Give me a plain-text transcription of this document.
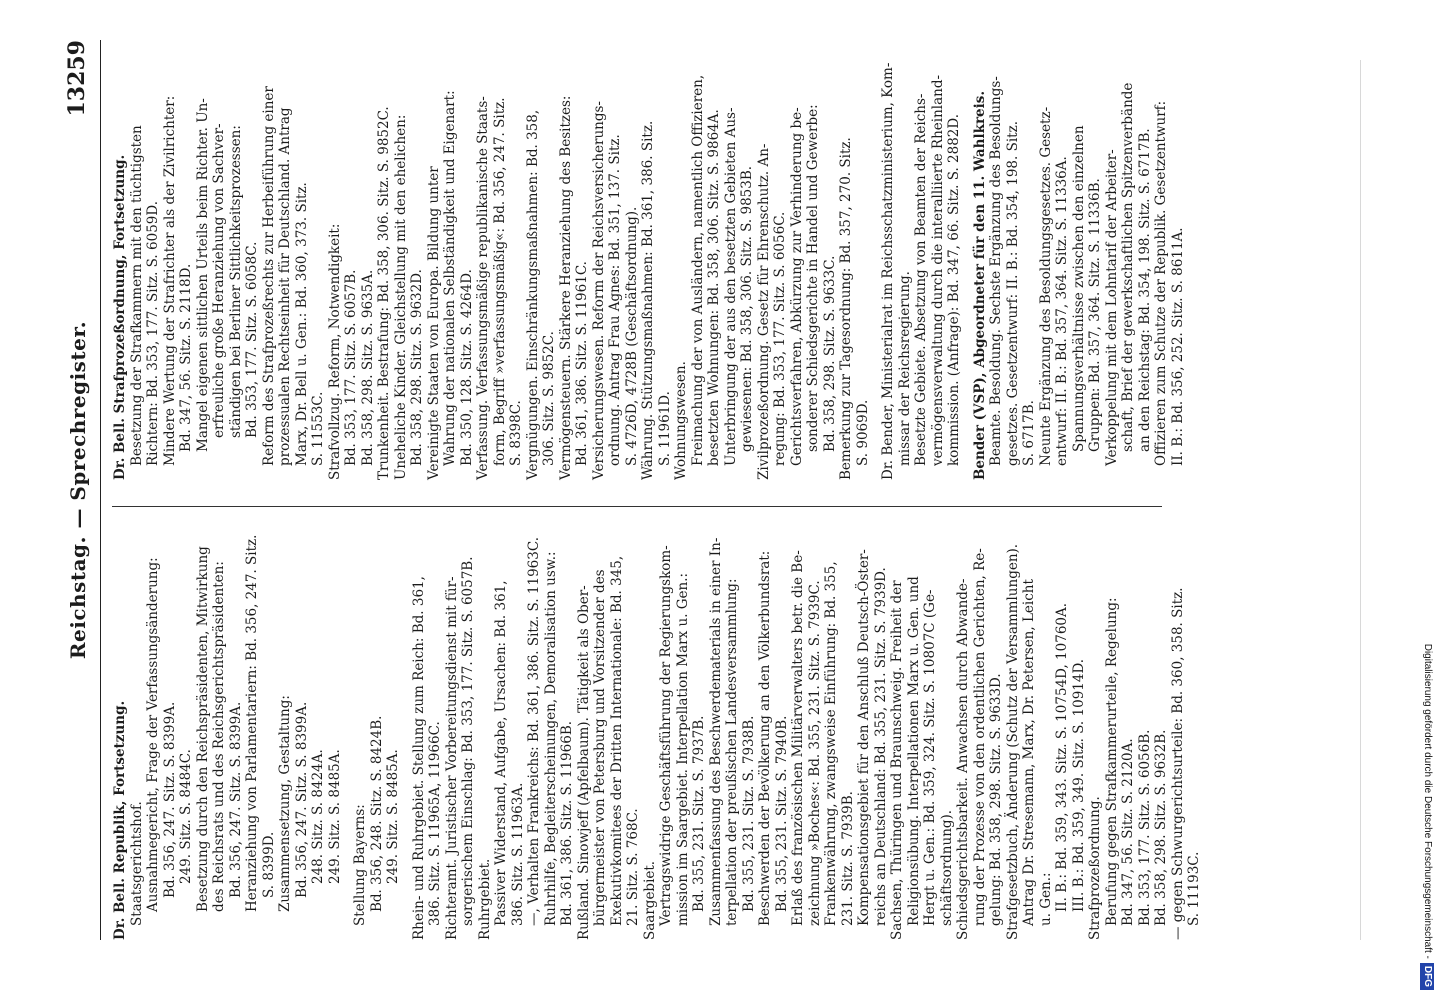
Reichstag. — Sprechregister.
13259
Dr. Bell. Republik, Fortsetzung. Staatsgerichtshof. Ausnahmegericht, Frage der Verfassungsänderung: Bd. 356, 247. Sitz. S. 8399A. 249. Sitz. S. 8484C. Besetzung durch den Reichspräsidenten, Mitwirkung des Reichsrats und des Reichsgerichtspräsidenten: Bd. 356, 247. Sitz. S. 8399A. Heranziehung von Parlamentariern: Bd. 356, 247. Sitz. S. 8399D. Zusammensetzung, Gestaltung: Bd. 356, 247. Sitz. S. 8399A. 248. Sitz. S. 8424A. 249. Sitz. S. 8485A. Stellung Bayerns: Bd. 356, 248. Sitz. S. 8424B. 249. Sitz. S. 8485A. Rhein- und Ruhrgebiet. Stellung zum Reich: Bd. 361, 386. Sitz. S. 11965A, 11966C. Richteramt. Juristischer Vorbereitungsdienst mit für- sorgerischem Einschlag: Bd. 353, 177. Sitz. S. 6057B. Ruhrgebiet. Passiver Widerstand, Aufgabe, Ursachen: Bd. 361, 386. Sitz. S. 11963A. —, Verhalten Frankreichs: Bd. 361, 386. Sitz. S. 11963C. Ruhrhilfe, Begleiterscheinungen, Demoralisation usw.: Bd. 361, 386. Sitz. S. 11966B. Rußland. Sinowjeff (Apfelbaum). Tätigkeit als Ober- bürgermeister von Petersburg und Vorsitzender des Exekutivkomitees der Dritten Internationale: Bd. 345, 21. Sitz. S. 768C. Saargebiet. Vertragswidrige Geschäftsführung der Regierungskom- mission im Saargebiet. Interpellation Marx u. Gen.: Bd. 355, 231. Sitz. S. 7937B. Zusammenfassung des Beschwerdematerials in einer In- terpellation der preußischen Landesversammlung: Bd. 355, 231. Sitz. S. 7938B. Beschwerden der Bevölkerung an den Völkerbundsrat: Bd. 355, 231. Sitz. S. 7940B. Erlaß des französischen Militärverwalters betr. die Be- zeichnung »Boches«: Bd. 355, 231. Sitz. S. 7939C. Frankenwährung, zwangsweise Einführung: Bd. 355, 231. Sitz. S. 7939B. Kompensationsgebiet für den Anschluß Deutsch-Öster- reichs an Deutschland: Bd. 355, 231. Sitz. S. 7939D. Sachsen, Thüringen und Braunschweig. Freiheit der Religionsübung. Interpellationen Marx u. Gen. und Hergt u. Gen.: Bd. 359, 324. Sitz. S. 10807C (Ge- schäftsordnung). Schiedsgerichtsbarkeit. Anwachsen durch Abwande- rung der Prozesse von den ordentlichen Gerichten, Re- gelung: Bd. 358, 298. Sitz. S. 9633D. Strafgesetzbuch, Änderung (Schutz der Versammlungen). Antrag Dr. Stresemann, Marx, Dr. Petersen, Leicht u. Gen.: II. B.: Bd. 359, 343. Sitz. S. 10754D, 10760A. III. B.: Bd. 359, 349. Sitz. S. 10914D. Strafprozeßordnung. Berufung gegen Strafkammerurteile, Regelung: Bd. 347, 56. Sitz. S. 2120A. Bd. 353, 177. Sitz. S. 6056B. Bd. 358, 298. Sitz. S. 9632B. — gegen Schwurgerichtsurteile: Bd. 360, 358. Sitz. S. 11193C.
Dr. Bell. Strafprozeßordnung, Fortsetzung. Besetzung der Strafkammern mit den tüchtigsten Richtern: Bd. 353, 177. Sitz. S. 6059D. Mindere Wertung der Strafrichter als der Zivilrichter: Bd. 347, 56. Sitz. S. 2118D. Mangel eigenen sittlichen Urteils beim Richter. Un- erfreuliche große Heranziehung von Sachver- ständigen bei Berliner Sittlichkeitsprozessen: Bd. 353, 177. Sitz. S. 6058C. Reform des Strafprozeßrechts zur Herbeiführung einer prozessualen Rechtseinheit für Deutschland. Antrag Marx, Dr. Bell u. Gen.: Bd. 360, 373. Sitz. S. 11553C. Strafvollzug. Reform, Notwendigkeit: Bd. 353, 177. Sitz. S. 6057B. Bd. 358, 298. Sitz. S. 9635A. Trunkenheit. Bestrafung: Bd. 358, 306. Sitz. S. 9852C. Uneheliche Kinder. Gleichstellung mit den ehelichen: Bd. 358, 298. Sitz. S. 9632D. Vereinigte Staaten von Europa. Bildung unter Wahrung der nationalen Selbständigkeit und Eigenart: Bd. 350, 128. Sitz. S. 4264D. Verfassung. Verfassungsmäßige republikanische Staats- form, Begriff »verfassungsmäßig«: Bd. 356, 247. Sitz. S. 8398C. Vergnügungen. Einschränkungsmaßnahmen: Bd. 358, 306. Sitz. S. 9852C. Vermögensteuern. Stärkere Heranziehung des Besitzes: Bd. 361, 386. Sitz. S. 11961C. Versicherungswesen. Reform der Reichsversicherungs- ordnung. Antrag Frau Agnes: Bd. 351, 137. Sitz. S. 4726D, 4728B (Geschäftsordnung). Währung. Stützungsmaßnahmen: Bd. 361, 386. Sitz. S. 11961D. Wohnungswesen. Freimachung der von Ausländern, namentlich Offizieren, besetzten Wohnungen: Bd. 358, 306. Sitz. S. 9864A. Unterbringung der aus den besetzten Gebieten Aus- gewiesenen: Bd. 358, 306. Sitz. S. 9853B. Zivilprozeßordnung. Gesetz für Ehrenschutz. An- regung: Bd. 353, 177. Sitz. S. 6056C. Gerichtsverfahren, Abkürzung zur Verhinderung be- sonderer Schiedsgerichte in Handel und Gewerbe: Bd. 358, 298. Sitz. S. 9633C. Bemerkung zur Tagesordnung: Bd. 357, 270. Sitz. S. 9069D. Dr. Bender, Ministerialrat im Reichsschatzministerium, Kom- missar der Reichsregierung. Besetzte Gebiete. Absetzung von Beamten der Reichs- vermögensverwaltung durch die interalliierte Rheinland- kommission. (Anfrage): Bd. 347, 66. Sitz. S. 2882D. Bender (VSP), Abgeordneter für den 11. Wahlkreis. Beamte. Besoldung. Sechste Ergänzung des Besoldungs- gesetzes. Gesetzentwurf: II. B.: Bd. 354, 198. Sitz. S. 6717B. Neunte Ergänzung des Besoldungsgesetzes. Gesetz- entwurf: II. B.: Bd. 357, 364. Sitz. S. 11336A. Spannungsverhältnisse zwischen den einzelnen Gruppen: Bd. 357, 364. Sitz. S. 11336B. Verkoppelung mit dem Lohntarif der Arbeiter- schaft, Brief der gewerkschaftlichen Spitzenverbände an den Reichstag: Bd. 354, 198. Sitz. S. 6717B. Offizieren zum Schutze der Republik. Gesetzentwurf: II. B.: Bd. 356, 252. Sitz. S. 8611A.
Digitalisierung gefördert durch die Deutsche Forschungsgemeinschaft -DFG
